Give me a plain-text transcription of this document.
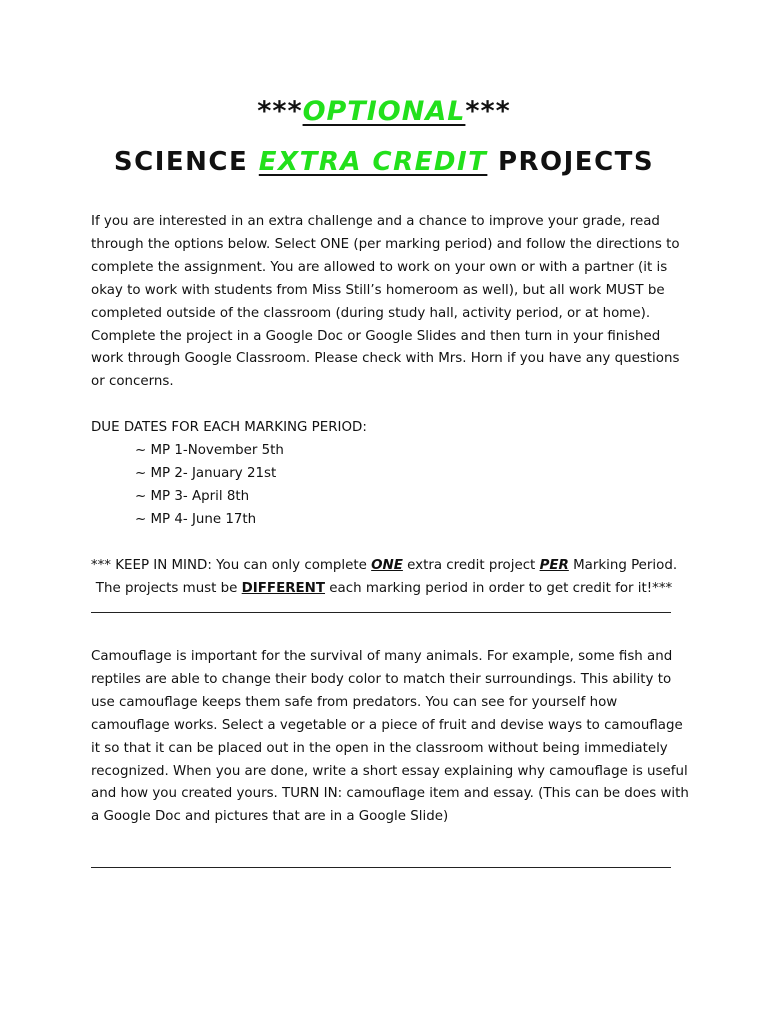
***OPTIONAL***
SCIENCE EXTRA CREDIT PROJECTS
If you are interested in an extra challenge and a chance to improve your grade, read through the options below. Select ONE (per marking period) and follow the directions to complete the assignment. You are allowed to work on your own or with a partner (it is okay to work with students from Miss Still’s homeroom as well), but all work MUST be completed outside of the classroom (during study hall, activity period, or at home). Complete the project in a Google Doc or Google Slides and then turn in your finished work through Google Classroom. Please check with Mrs. Horn if you have any questions or concerns.
DUE DATES FOR EACH MARKING PERIOD:
~ MP 1-November 5th
~ MP 2- January 21st
~ MP 3- April 8th
~ MP 4- June 17th
*** KEEP IN MIND: You can only complete ONE extra credit project PER Marking Period.
The projects must be DIFFERENT each marking period in order to get credit for it!***
Camouflage is important for the survival of many animals. For example, some fish and reptiles are able to change their body color to match their surroundings. This ability to use camouflage keeps them safe from predators. You can see for yourself how camouflage works. Select a vegetable or a piece of fruit and devise ways to camouflage it so that it can be placed out in the open in the classroom without being immediately recognized. When you are done, write a short essay explaining why camouflage is useful and how you created yours. TURN IN: camouflage item and essay. (This can be does with a Google Doc and pictures that are in a Google Slide)
